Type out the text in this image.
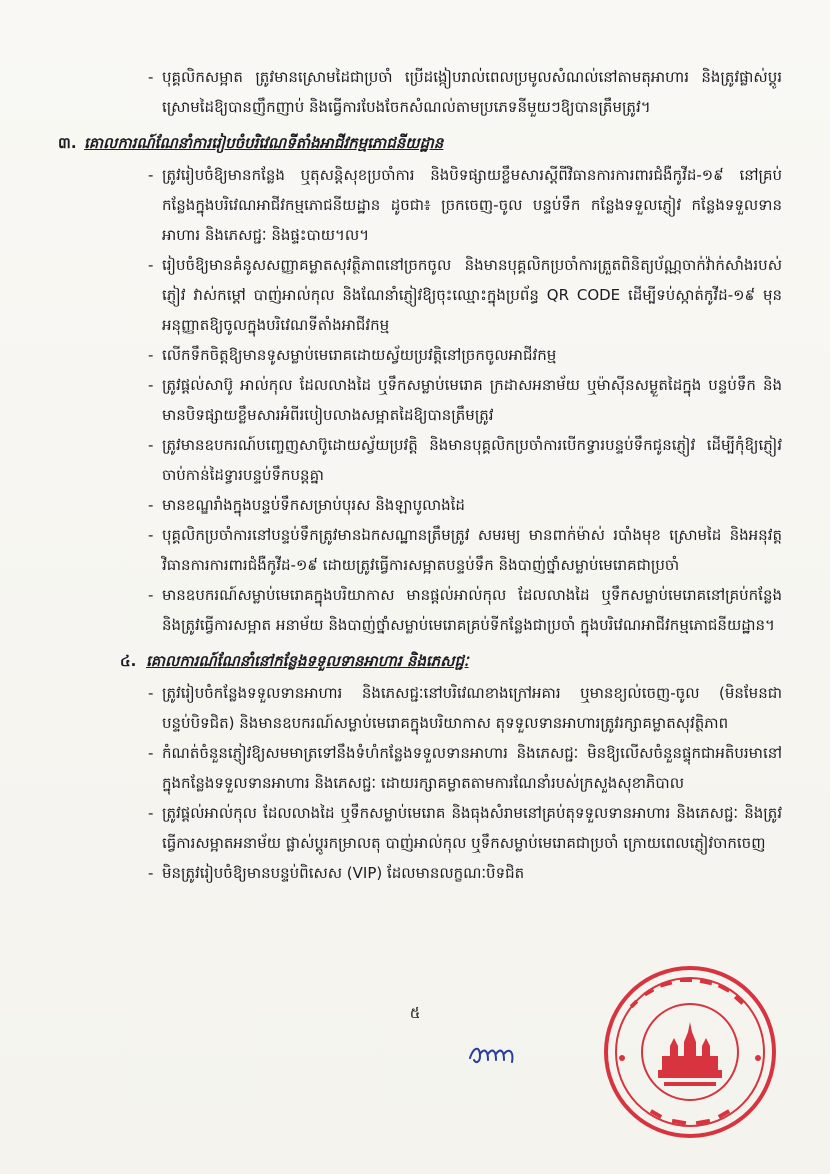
- បុគ្គលិកសម្អាត ត្រូវមានស្រោមដៃជាប្រចាំ ប្រើដង្កៀបរាល់ពេលប្រមូលសំណល់នៅតាមតុអាហារ និងត្រូវផ្លាស់ប្តូរស្រោមដៃឱ្យបានញឹកញាប់ និងធ្វើការបែងចែកសំណល់តាមប្រភេទនីមួយៗឱ្យបានត្រឹមត្រូវ។

៣. គោលការណ៍ណែនាំការរៀបចំបរិវេណទីតាំងអាជីវកម្មភោជនីយដ្ឋាន

- ត្រូវរៀបចំឱ្យមានកន្លែង ឬតុសន្តិសុខប្រចាំការ និងបិទផ្សាយខ្លឹមសារស្តីពីវិធានការការពារជំងឺកូវីដ-១៩ នៅគ្រប់កន្លែងក្នុងបរិវេណអាជីវកម្មភោជនីយដ្ឋាន ដូចជា៖ ច្រកចេញ-ចូល បន្ទប់ទឹក កន្លែងទទួលភ្ញៀវ កន្លែងទទួលទានអាហារ និងភេសជ្ជៈ និងផ្ទះបាយ។ល។

- រៀបចំឱ្យមានគំនូសសញ្ញាគម្លាតសុវត្ថិភាពនៅច្រកចូល និងមានបុគ្គលិកប្រចាំការត្រួតពិនិត្យប័ណ្ណចាក់វ៉ាក់សាំងរបស់ភ្ញៀវ វាស់កម្តៅ បាញ់អាល់កុល និងណែនាំភ្ញៀវឱ្យចុះឈ្មោះក្នុងប្រព័ន្ធ QR CODE ដើម្បីទប់ស្កាត់កូវីដ-១៩ មុនអនុញ្ញាតឱ្យចូលក្នុងបរិវេណទីតាំងអាជីវកម្ម

- លើកទឹកចិត្តឱ្យមានទូសម្លាប់មេរោគដោយស្វ័យប្រវត្តិនៅច្រកចូលអាជីវកម្ម

- ត្រូវផ្តល់សាប៊ូ អាល់កុល ដែលលាងដៃ ឬទឹកសម្លាប់មេរោគ ក្រដាសអនាម័យ ឬម៉ាស៊ីនសម្ងួតដៃក្នុង បន្ទប់ទឹក និងមានបិទផ្សាយខ្លឹមសារអំពីរបៀបលាងសម្អាតដៃឱ្យបានត្រឹមត្រូវ

- ត្រូវមានឧបករណ៍បញ្ចេញសាប៊ូដោយស្វ័យប្រវត្តិ និងមានបុគ្គលិកប្រចាំការបើកទ្វារបន្ទប់ទឹកជូនភ្ញៀវ ដើម្បីកុំឱ្យភ្ញៀវចាប់កាន់ដៃទ្វារបន្ទប់ទឹកបន្តគ្នា

- មានខណ្ឌរាំងក្នុងបន្ទប់ទឹកសម្រាប់បុរស និងឡាបូលាងដៃ

- បុគ្គលិកប្រចាំការនៅបន្ទប់ទឹកត្រូវមានឯកសណ្ឋានត្រឹមត្រូវ សមរម្យ មានពាក់ម៉ាស់ របាំងមុខ ស្រោមដៃ និងអនុវត្តវិធានការការពារជំងឺកូវីដ-១៩ ដោយត្រូវធ្វើការសម្អាតបន្ទប់ទឹក និងបាញ់ថ្នាំសម្លាប់មេរោគជាប្រចាំ

- មានឧបករណ៍សម្លាប់មេរោគក្នុងបរិយាកាស មានផ្តល់អាល់កុល ដែលលាងដៃ ឬទឹកសម្លាប់មេរោគនៅគ្រប់កន្លែង និងត្រូវធ្វើការសម្អាត អនាម័យ និងបាញ់ថ្នាំសម្លាប់មេរោគគ្រប់ទីកន្លែងជាប្រចាំ ក្នុងបរិវេណអាជីវកម្មភោជនីយដ្ឋាន។

៤. គោលការណ៍ណែនាំនៅកន្លែងទទួលទានអាហារ និងភេសជ្ជៈ

- ត្រូវរៀបចំកន្លែងទទួលទានអាហារ និងភេសជ្ជៈនៅបរិវេណខាងក្រៅអគារ ឬមានខ្យល់ចេញ-ចូល (មិនមែនជាបន្ទប់បិទជិត) និងមានឧបករណ៍សម្លាប់មេរោគក្នុងបរិយាកាស តុទទួលទានអាហារត្រូវរក្សាគម្លាតសុវត្ថិភាព

- កំណត់ចំនួនភ្ញៀវឱ្យសមមាត្រទៅនឹងទំហំកន្លែងទទួលទានអាហារ និងភេសជ្ជៈ មិនឱ្យលើសចំនួនផ្ទុកជាអតិបរមានៅក្នុងកន្លែងទទួលទានអាហារ និងភេសជ្ជៈ ដោយរក្សាគម្លាតតាមការណែនាំរបស់ក្រសួងសុខាភិបាល

- ត្រូវផ្តល់អាល់កុល ដែលលាងដៃ ឬទឹកសម្លាប់មេរោគ និងធុងសំរាមនៅគ្រប់តុទទួលទានអាហារ និងភេសជ្ជៈ និងត្រូវធ្វើការសម្អាតអនាម័យ ផ្លាស់ប្តូរកម្រាលតុ បាញ់អាល់កុល ឬទឹកសម្លាប់មេរោគជាប្រចាំ ក្រោយពេលភ្ញៀវចាកចេញ

- មិនត្រូវរៀបចំឱ្យមានបន្ទប់ពិសេស (VIP) ដែលមានលក្ខណៈបិទជិត

៥
